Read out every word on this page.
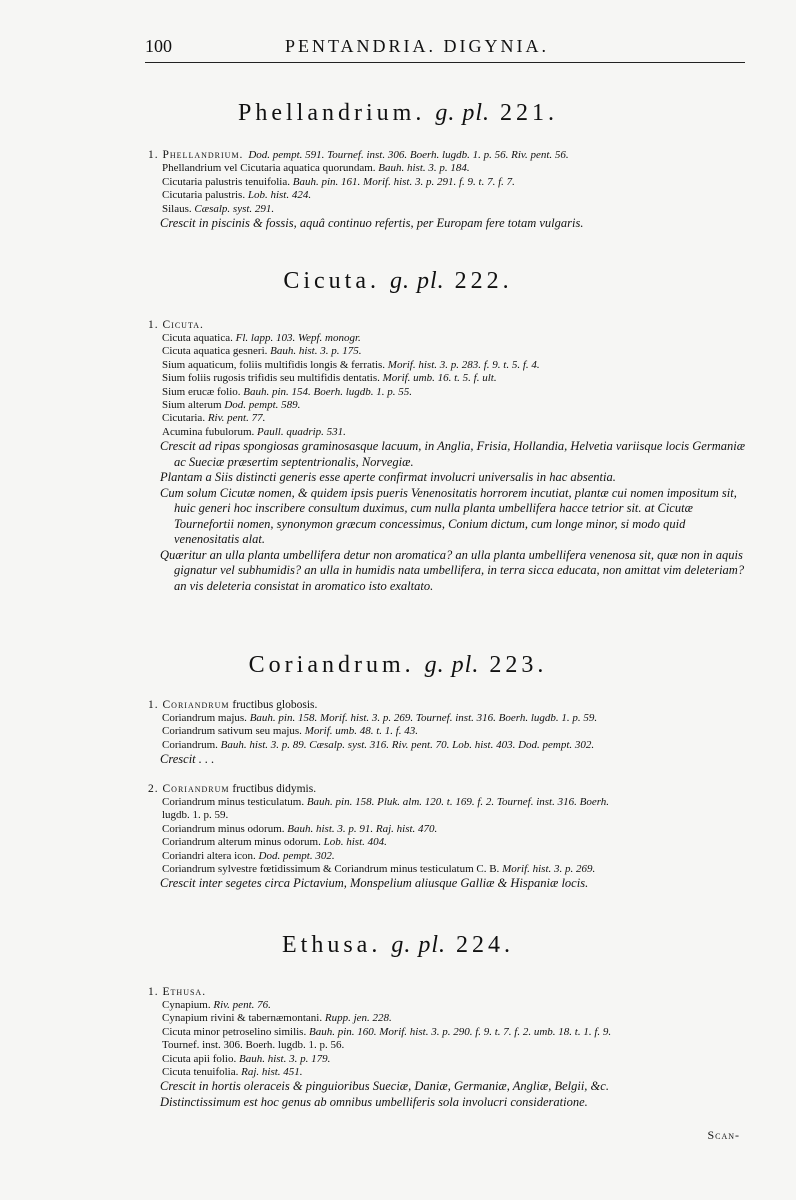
100	PENTANDRIA. DIGYNIA.
Phellandrium. g. pl. 221.
1. Phellandrium. Dod. pempt. 591. Tournef. inst. 306. Boerh. lugdb. 1. p. 56. Riv. pent. 56.
Phellandrium vel Cicutaria aquatica quorundam. Bauh. hist. 3. p. 184.
Cicutaria palustris tenuifolia. Bauh. pin. 161. Morif. hist. 3. p. 291. f. 9. t. 7. f. 7.
Cicutaria palustris. Lob. hist. 424.
Silaus. Cæsalp. syst. 291.
Crescit in piscinis & fossis, aquâ continuo refertis, per Europam fere totam vulgaris.
Cicuta. g. pl. 222.
1. Cicuta.
Cicuta aquatica. Fl. lapp. 103. Wepf. monogr.
Cicuta aquatica gesneri. Bauh. hist. 3. p. 175.
Sium aquaticum, foliis multifidis longis & ferratis. Morif. hist. 3. p. 283. f. 9. t. 5. f. 4.
Sium foliis rugosis trifidis seu multifidis dentatis. Morif. umb. 16. t. 5. f. ult.
Sium erucæ folio. Bauh. pin. 154. Boerh. lugdb. 1. p. 55.
Sium alterum Dod. pempt. 589.
Cicutaria. Riv. pent. 77.
Acumina fubulorum. Paull. quadrip. 531.
Crescit ad ripas spongiosas graminosasque lacuum, in Anglia, Frisia, Hollandia, Helvetia variisque locis Germaniæ ac Sueciæ præsertim septentrionalis, Norvegiæ.
Plantam a Siis distincti generis esse aperte confirmat involucri universalis in hac absentia.
Cum solum Cicutæ nomen, & quidem ipsis pueris Venenositatis horrorem incutiat, plantæ cui nomen impositum sit, huic generi hoc inscribere consultum duximus, cum nulla planta umbellifera hacce tetrior sit. at Cicutæ Tournefortii nomen, synonymon græcum concessimus, Conium dictum, cum longe minor, si modo quid venenositatis alat.
Quæritur an ulla planta umbellifera detur non aromatica? an ulla planta umbellifera venenosa sit, quæ non in aquis gignatur vel subhumidis? an ulla in humidis nata umbellifera, in terra sicca educata, non amittat vim deleteriam? an vis deleteria consistat in aromatico isto exaltato.
Coriandrum. g. pl. 223.
1. Coriandrum fructibus globosis.
Coriandrum majus. Bauh. pin. 158. Morif. hist. 3. p. 269. Tournef. inst. 316. Boerh. lugdb. 1. p. 59.
Coriandrum sativum seu majus. Morif. umb. 48. t. 1. f. 43.
Coriandrum. Bauh. hist. 3. p. 89. Cæsalp. syst. 316. Riv. pent. 70. Lob. hist. 403. Dod. pempt. 302.
Crescit . . .
2. Coriandrum fructibus didymis.
Coriandrum minus testiculatum. Bauh. pin. 158. Pluk. alm. 120. t. 169. f. 2. Tournef. inst. 316. Boerh.
lugdb. 1. p. 59.
Coriandrum minus odorum. Bauh. hist. 3. p. 91. Raj. hist. 470.
Coriandrum alterum minus odorum. Lob. hist. 404.
Coriandri altera icon. Dod. pempt. 302.
Coriandrum sylvestre fœtidissimum & Coriandrum minus testiculatum C. B. Morif. hist. 3. p. 269.
Crescit inter segetes circa Pictavium, Monspelium aliusque Galliæ & Hispaniæ locis.
Ethusa. g. pl. 224.
1. Ethusa.
Cynapium. Riv. pent. 76.
Cynapium rivini & tabernæmontani. Rupp. jen. 228.
Cicuta minor petroselino similis. Bauh. pin. 160. Morif. hist. 3. p. 290. f. 9. t. 7. f. 2. umb. 18. t. 1. f. 9.
Tournef. inst. 306. Boerh. lugdb. 1. p. 56.
Cicuta apii folio. Bauh. hist. 3. p. 179.
Cicuta tenuifolia. Raj. hist. 451.
Crescit in hortis oleraceis & pinguioribus Sueciæ, Daniæ, Germaniæ, Angliæ, Belgii, &c.
Distinctissimum est hoc genus ab omnibus umbelliferis sola involucri consideratione.
Scan-
